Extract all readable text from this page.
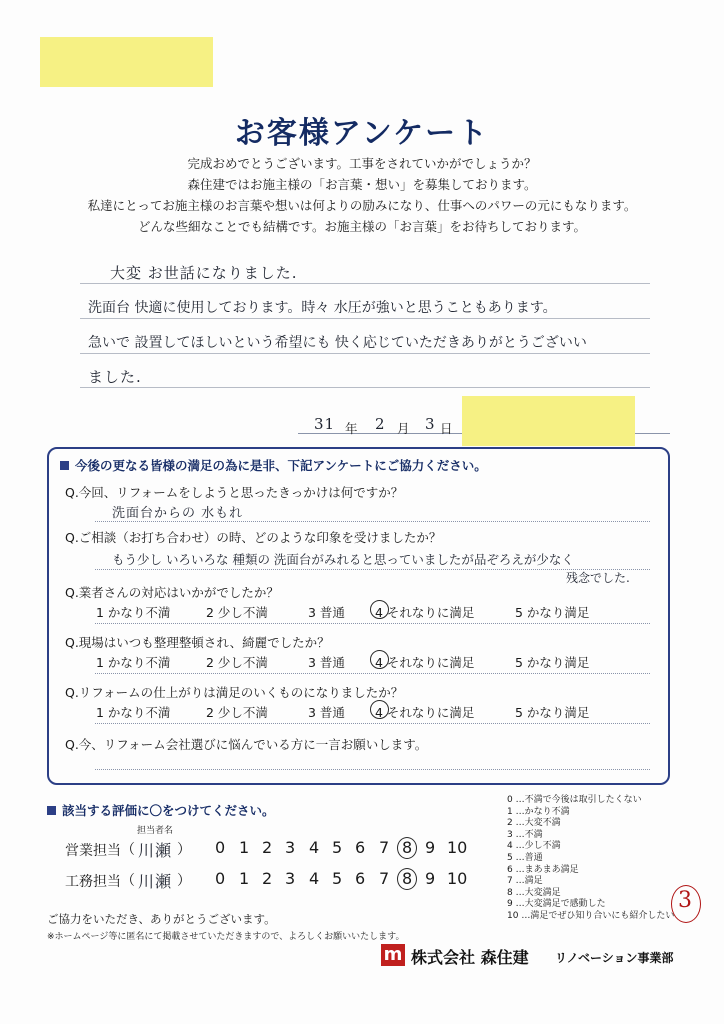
お客様アンケート
完成おめでとうございます。工事をされていかがでしょうか？
森住建ではお施主様の「お言葉・想い」を募集しております。
私達にとってお施主様のお言葉や想いは何よりの励みになり、仕事へのパワーの元にもなります。
どんな些細なことでも結構です。お施主様の「お言葉」をお待ちしております。
大変 お世話になりました.
洗面台 快適に使用しております。時々 水圧が強いと思うこともあります。
急いで 設置してほしいという希望にも 快く応じていただきありがとうございい
ました.
31 年 2 月 3 日
今後の更なる皆様の満足の為に是非、下記アンケートにご協力ください。
Q.今回、リフォームをしようと思ったきっかけは何ですか？
洗面台からの 水もれ
Q.ご相談（お打ち合わせ）の時、どのような印象を受けましたか？
もう少し いろいろな 種類の 洗面台がみれると思っていましたが品ぞろえが少なく
残念でした.
Q.業者さんの対応はいかがでしたか？
1 かなり不満	2 少し不満	3 普通 4 それなりに満足	5 かなり満足
Q.現場はいつも整理整頓され、綺麗でしたか？
1 かなり不満	2 少し不満	3 普通 4 それなりに満足	5 かなり満足
Q.リフォームの仕上がりは満足のいくものになりましたか？
1 かなり不満	2 少し不満	3 普通 4 それなりに満足	5 かなり満足
Q.今、リフォーム会社選びに悩んでいる方に一言お願いします。
該当する評価に〇をつけてください。
担当者名
営業担当 （ 川瀬 ） 0 1 2 3 4 5 6 7 8 9 10
工務担当 （ 川瀬 ） 0 1 2 3 4 5 6 7 8 9 10
0 …不満で今後は取引したくない
1 …かなり不満
2 …大変不満
3 …不満
4 …少し不満
5 …普通
6 …まあまあ満足
7 …満足
8 …大変満足
9 …大変満足で感動した
10 …満足でぜひ知り合いにも紹介したい
3
ご協力をいただき、ありがとうございます。
※ホームページ等に匿名にて掲載させていただきますので、よろしくお願いいたします。
m 株式会社 森住建 リノベーション事業部
